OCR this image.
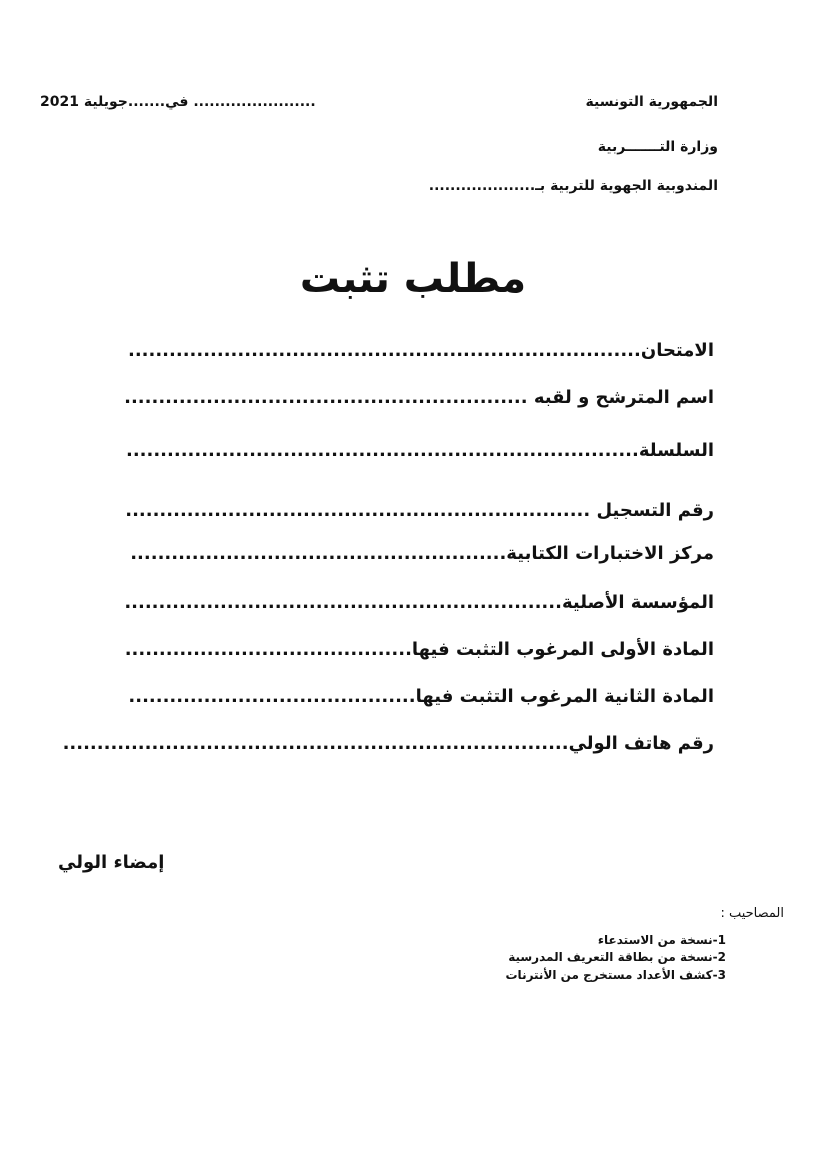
الجمهورية التونسية
وزارة التـــــــربية
المندوبية الجهوية للتربية بـ....................
....................... في.......جويلية 2021
مطلب تثبت
الامتحان...........................................................................
اسم المترشح و لقبه ...........................................................
السلسلة...........................................................................
رقم التسجيل ....................................................................
مركز الاختبارات الكتابية.......................................................
المؤسسة الأصلية................................................................
المادة الأولى المرغوب التثبت فيها..........................................
المادة الثانية المرغوب التثبت فيها..........................................
رقم هاتف الولي..........................................................................
إمضاء الولي
المصاحيب :
1-نسخة من الاستدعاء
2-نسخة من بطاقة التعريف المدرسية
3-كشف الأعداد مستخرج من الأنترنات
